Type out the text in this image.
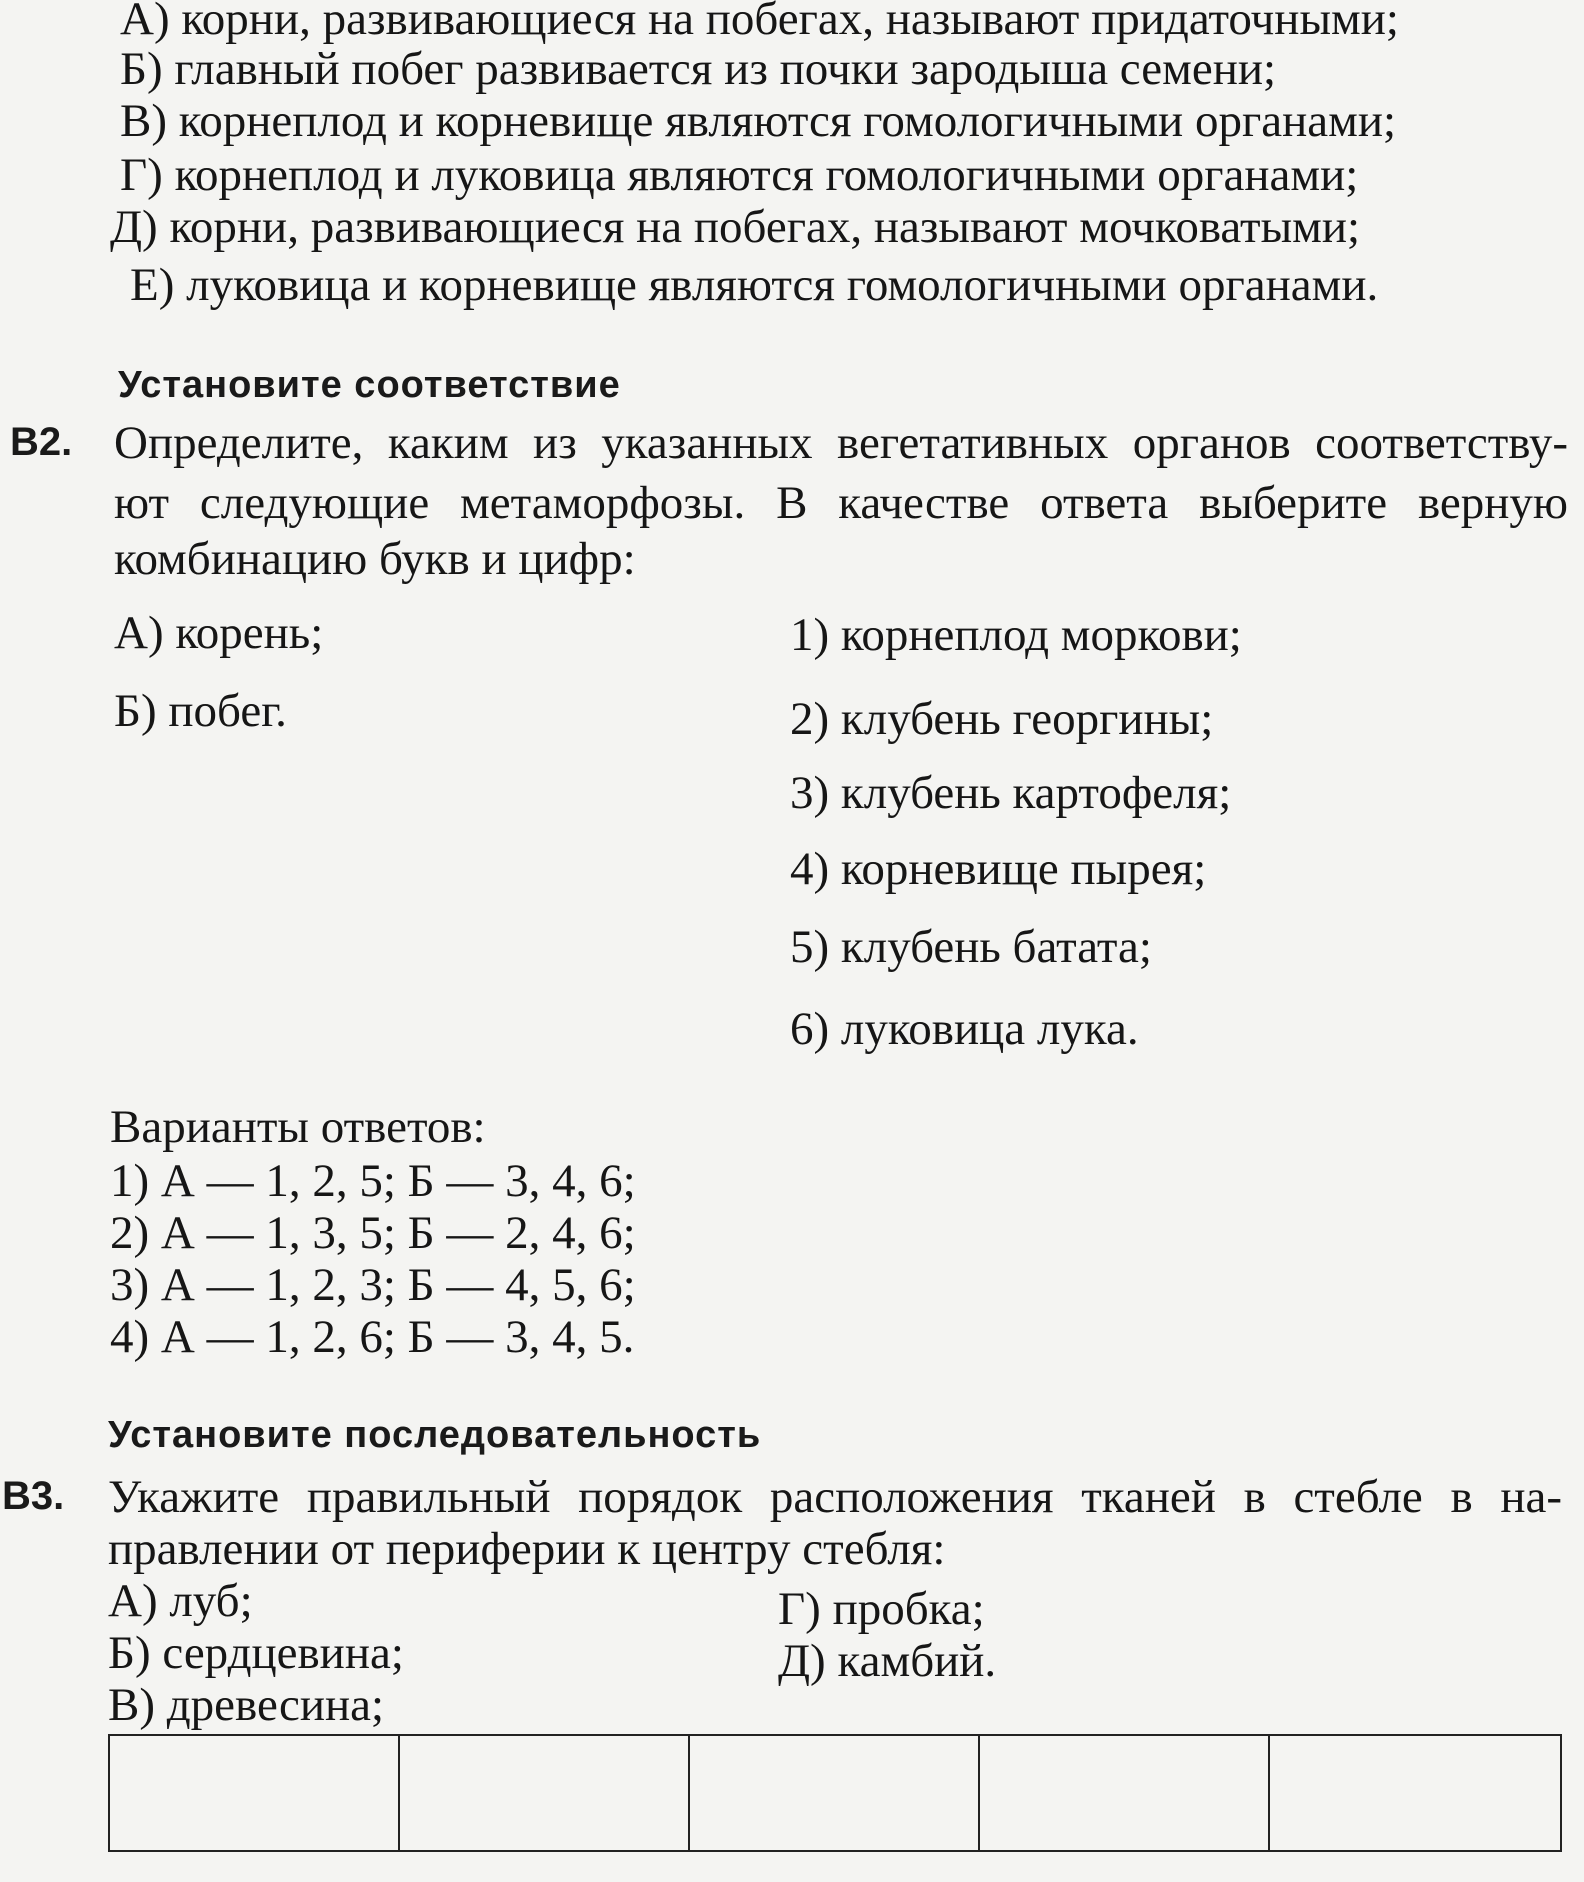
А) корни, развивающиеся на побегах, называют придаточными;
Б) главный побег развивается из почки зародыша семени;
В) корнеплод и корневище являются гомологичными органами;
Г) корнеплод и луковица являются гомологичными органами;
Д) корни, развивающиеся на побегах, называют мочковатыми;
Е) луковица и корневище являются гомологичными органами.
Установите соответствие
В2. Определите, каким из указанных вегетативных органов соответству-
ют следующие метаморфозы. В качестве ответа выберите верную
комбинацию букв и цифр:
А) корень;
Б) побег.
1) корнеплод моркови;
2) клубень георгины;
3) клубень картофеля;
4) корневище пырея;
5) клубень батата;
6) луковица лука.
Варианты ответов:
1) А — 1, 2, 5; Б — 3, 4, 6;
2) А — 1, 3, 5; Б — 2, 4, 6;
3) А — 1, 2, 3; Б — 4, 5, 6;
4) А — 1, 2, 6; Б — 3, 4, 5.
Установите последовательность
В3. Укажите правильный порядок расположения тканей в стебле в на-
правлении от периферии к центру стебля:
А) луб;
Б) сердцевина;
В) древесина;
Г) пробка;
Д) камбий.
